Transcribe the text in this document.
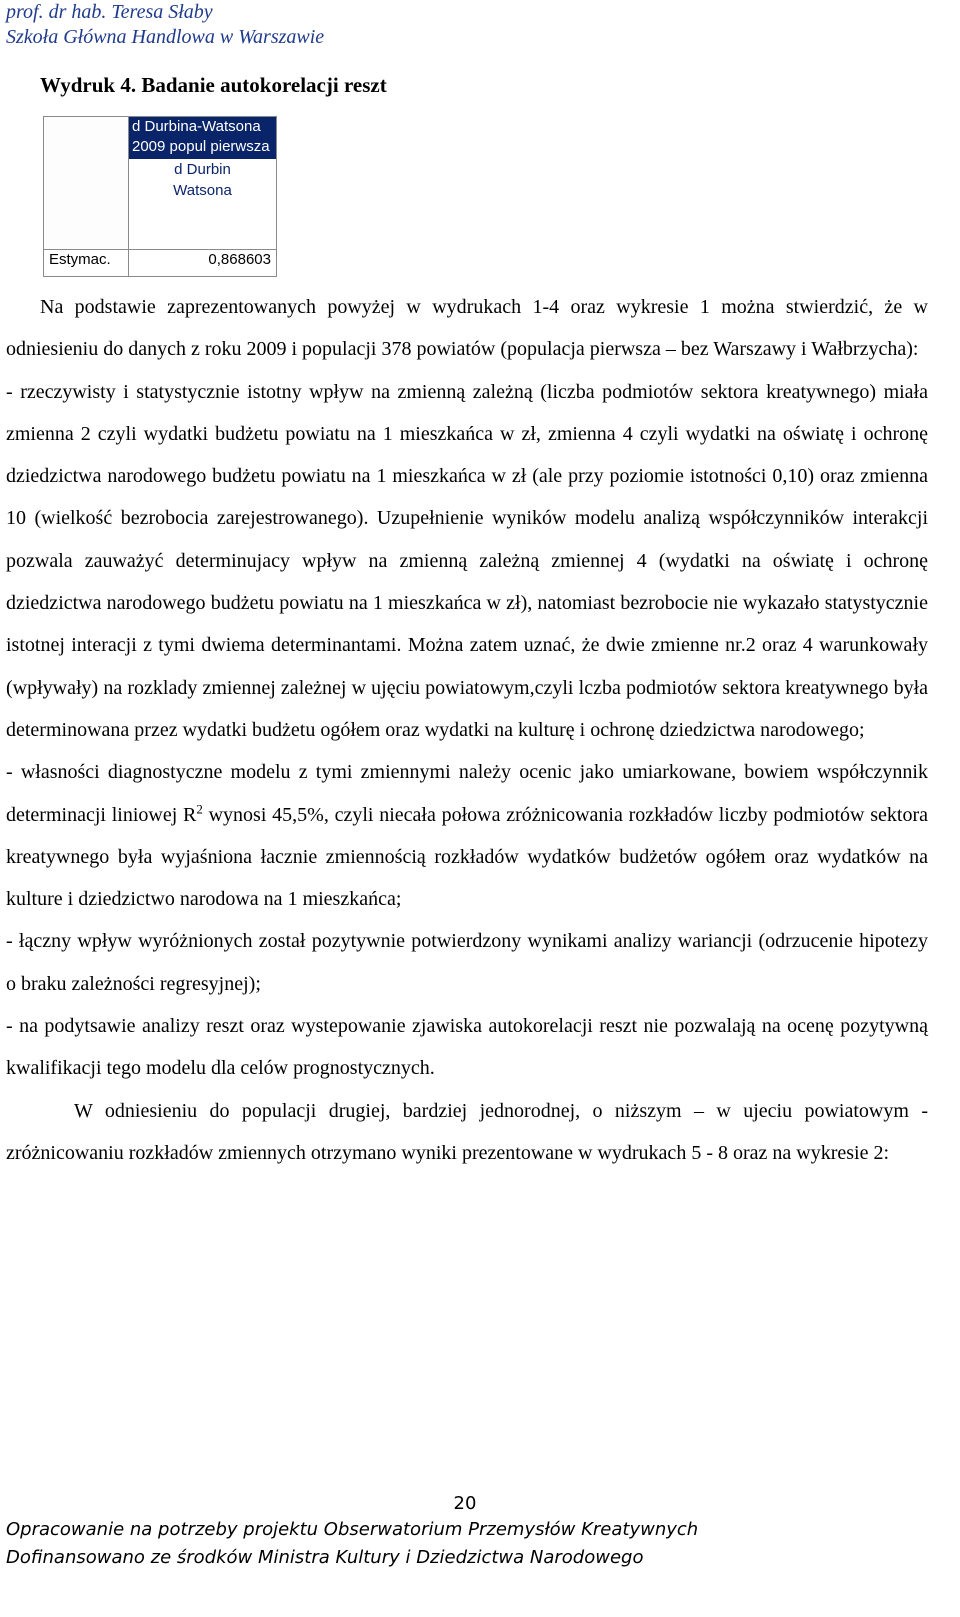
prof. dr hab. Teresa Słaby
Szkoła Główna Handlowa w Warszawie
Wydruk 4. Badanie autokorelacji reszt
d Durbina-Watsona
2009 popul pierwsza
d Durbin
Watsona
Estymac.	0,868603

Na podstawie zaprezentowanych powyżej w wydrukach 1-4 oraz wykresie 1 można stwierdzić, że w odniesieniu do danych z roku 2009 i populacji 378 powiatów (populacja pierwsza – bez Warszawy i Wałbrzycha):

- rzeczywisty i statystycznie istotny wpływ na zmienną zależną (liczba podmiotów sektora kreatywnego) miała zmienna 2 czyli wydatki budżetu powiatu na 1 mieszkańca w zł, zmienna 4 czyli wydatki na oświatę i ochronę dziedzictwa narodowego budżetu powiatu na 1 mieszkańca w zł (ale przy poziomie istotności 0,10) oraz zmienna 10 (wielkość bezrobocia zarejestrowanego). Uzupełnienie wyników modelu analizą współczynników interakcji pozwala zauważyć determinujacy wpływ na zmienną zależną zmiennej 4 (wydatki na oświatę i ochronę dziedzictwa narodowego budżetu powiatu na 1 mieszkańca w zł), natomiast bezrobocie nie wykazało statystycznie istotnej interacji z tymi dwiema determinantami. Można zatem uznać, że dwie zmienne nr.2 oraz 4 warunkowały (wpływały) na rozklady zmiennej zależnej w ujęciu powiatowym,czyli lczba podmiotów sektora kreatywnego była determinowana przez wydatki budżetu ogółem oraz wydatki na kulturę i ochronę dziedzictwa narodowego;

- własności diagnostyczne modelu z tymi zmiennymi należy ocenic jako umiarkowane, bowiem współczynnik determinacji liniowej $R^2$ wynosi 45,5%, czyli niecała połowa zróżnicowania rozkładów liczby podmiotów sektora kreatywnego była wyjaśniona łacznie zmiennością rozkładów wydatków budżetów ogółem oraz wydatków na kulture i dziedzictwo narodowa na 1 mieszkańca;

- łączny wpływ wyróżnionych został pozytywnie potwierdzony wynikami analizy wariancji (odrzucenie hipotezy o braku zależności regresyjnej);

- na podytsawie analizy reszt oraz wystepowanie zjawiska autokorelacji reszt nie pozwalają na ocenę pozytywną kwalifikacji tego modelu dla celów prognostycznych.

W odniesieniu do populacji drugiej, bardziej jednorodnej, o niższym – w ujeciu powiatowym - zróżnicowaniu rozkładów zmiennych otrzymano wyniki prezentowane w wydrukach 5 - 8 oraz na wykresie 2:

20
Opracowanie na potrzeby projektu Obserwatorium Przemysłów Kreatywnych
Dofinansowano ze środków Ministra Kultury i Dziedzictwa Narodowego
